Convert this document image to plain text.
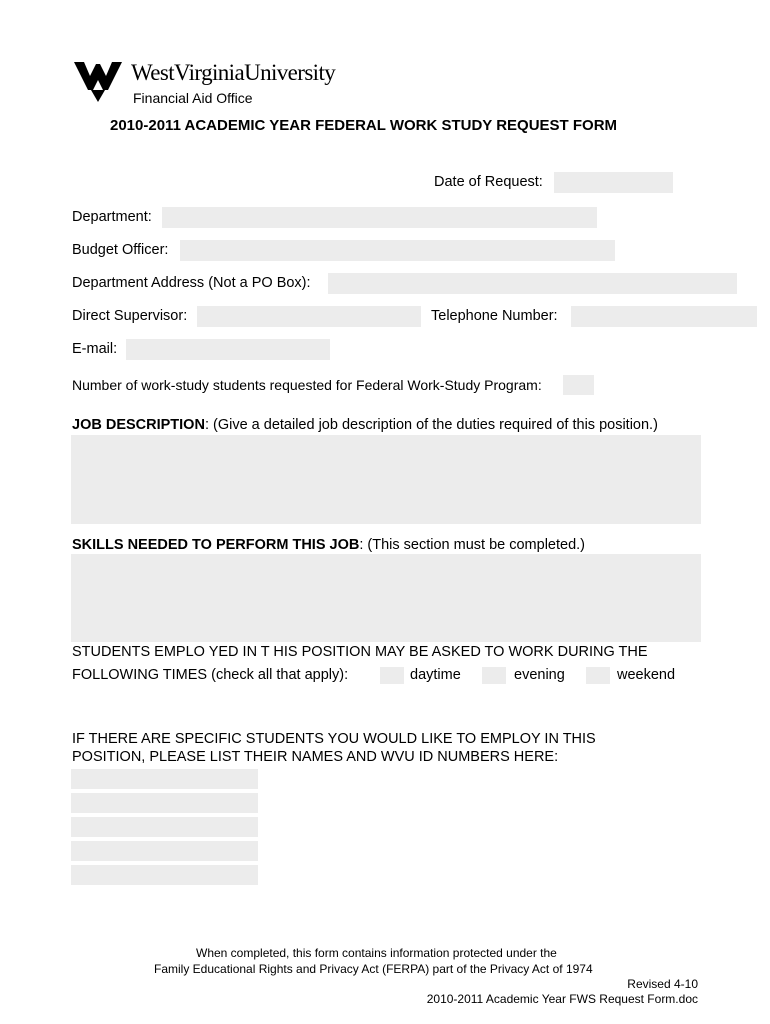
WestVirginiaUniversity
Financial Aid Office
2010-2011 ACADEMIC YEAR FEDERAL WORK STUDY REQUEST FORM
Date of Request:
Department:
Budget Officer:
Department Address (Not a PO Box):
Direct Supervisor:	Telephone Number:
E-mail:
Number of work-study students requested for Federal Work-Study Program:
JOB DESCRIPTION: (Give a detailed job description of the duties required of this position.)
SKILLS NEEDED TO PERFORM THIS JOB: (This section must be completed.)
STUDENTS EMPLO YED IN T HIS POSITION MAY BE ASKED TO WORK DURING THE
FOLLOWING TIMES (check all that apply):	daytime	evening	weekend
IF THERE ARE SPECIFIC STUDENTS YOU WOULD LIKE TO EMPLOY IN THIS
POSITION, PLEASE LIST THEIR NAMES AND WVU ID NUMBERS HERE:
When completed, this form contains information protected under the
Family Educational Rights and Privacy Act (FERPA) part of the Privacy Act of 1974
Revised 4-10
2010-2011 Academic Year FWS Request Form.doc
